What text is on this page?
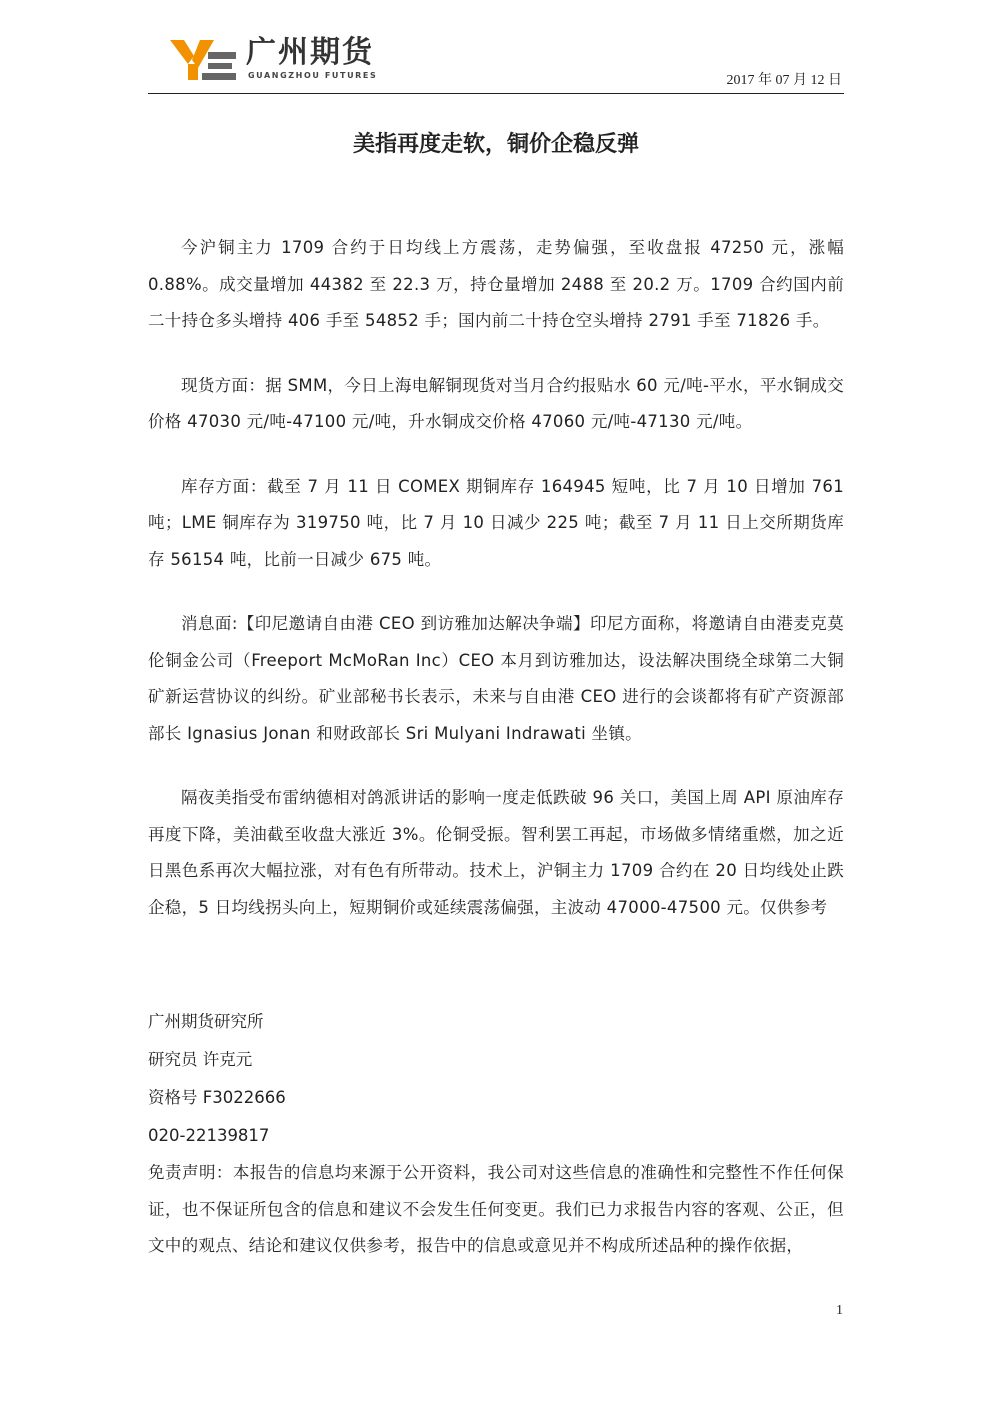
广州期货
GUANGZHOU FUTURES	2017 年 07 月 12 日
美指再度走软，铜价企稳反弹

今沪铜主力 1709 合约于日均线上方震荡，走势偏强，至收盘报 47250 元，涨幅 0.88%。成交量增加 44382 至 22.3 万，持仓量增加 2488 至 20.2 万。1709 合约国内前二十持仓多头增持 406 手至 54852 手；国内前二十持仓空头增持 2791 手至 71826 手。

现货方面：据 SMM，今日上海电解铜现货对当月合约报贴水 60 元/吨-平水，平水铜成交价格 47030 元/吨-47100 元/吨，升水铜成交价格 47060 元/吨-47130 元/吨。

库存方面：截至 7 月 11 日 COMEX 期铜库存 164945 短吨，比 7 月 10 日增加 761 吨；LME 铜库存为 319750 吨，比 7 月 10 日减少 225 吨；截至 7 月 11 日上交所期货库存 56154 吨，比前一日减少 675 吨。

消息面:【印尼邀请自由港 CEO 到访雅加达解决争端】印尼方面称，将邀请自由港麦克莫伦铜金公司（Freeport McMoRan Inc）CEO 本月到访雅加达，设法解决围绕全球第二大铜矿新运营协议的纠纷。矿业部秘书长表示，未来与自由港 CEO 进行的会谈都将有矿产资源部部长 Ignasius Jonan 和财政部长 Sri Mulyani Indrawati 坐镇。

隔夜美指受布雷纳德相对鸽派讲话的影响一度走低跌破 96 关口，美国上周 API 原油库存再度下降，美油截至收盘大涨近 3%。伦铜受振。智利罢工再起，市场做多情绪重燃，加之近日黑色系再次大幅拉涨，对有色有所带动。技术上，沪铜主力 1709 合约在 20 日均线处止跌企稳，5 日均线拐头向上，短期铜价或延续震荡偏强，主波动 47000-47500 元。仅供参考

广州期货研究所

研究员 许克元

资格号 F3022666

020-22139817

免责声明：本报告的信息均来源于公开资料，我公司对这些信息的准确性和完整性不作任何保证，也不保证所包含的信息和建议不会发生任何变更。我们已力求报告内容的客观、公正，但文中的观点、结论和建议仅供参考，报告中的信息或意见并不构成所述品种的操作依据，

1
